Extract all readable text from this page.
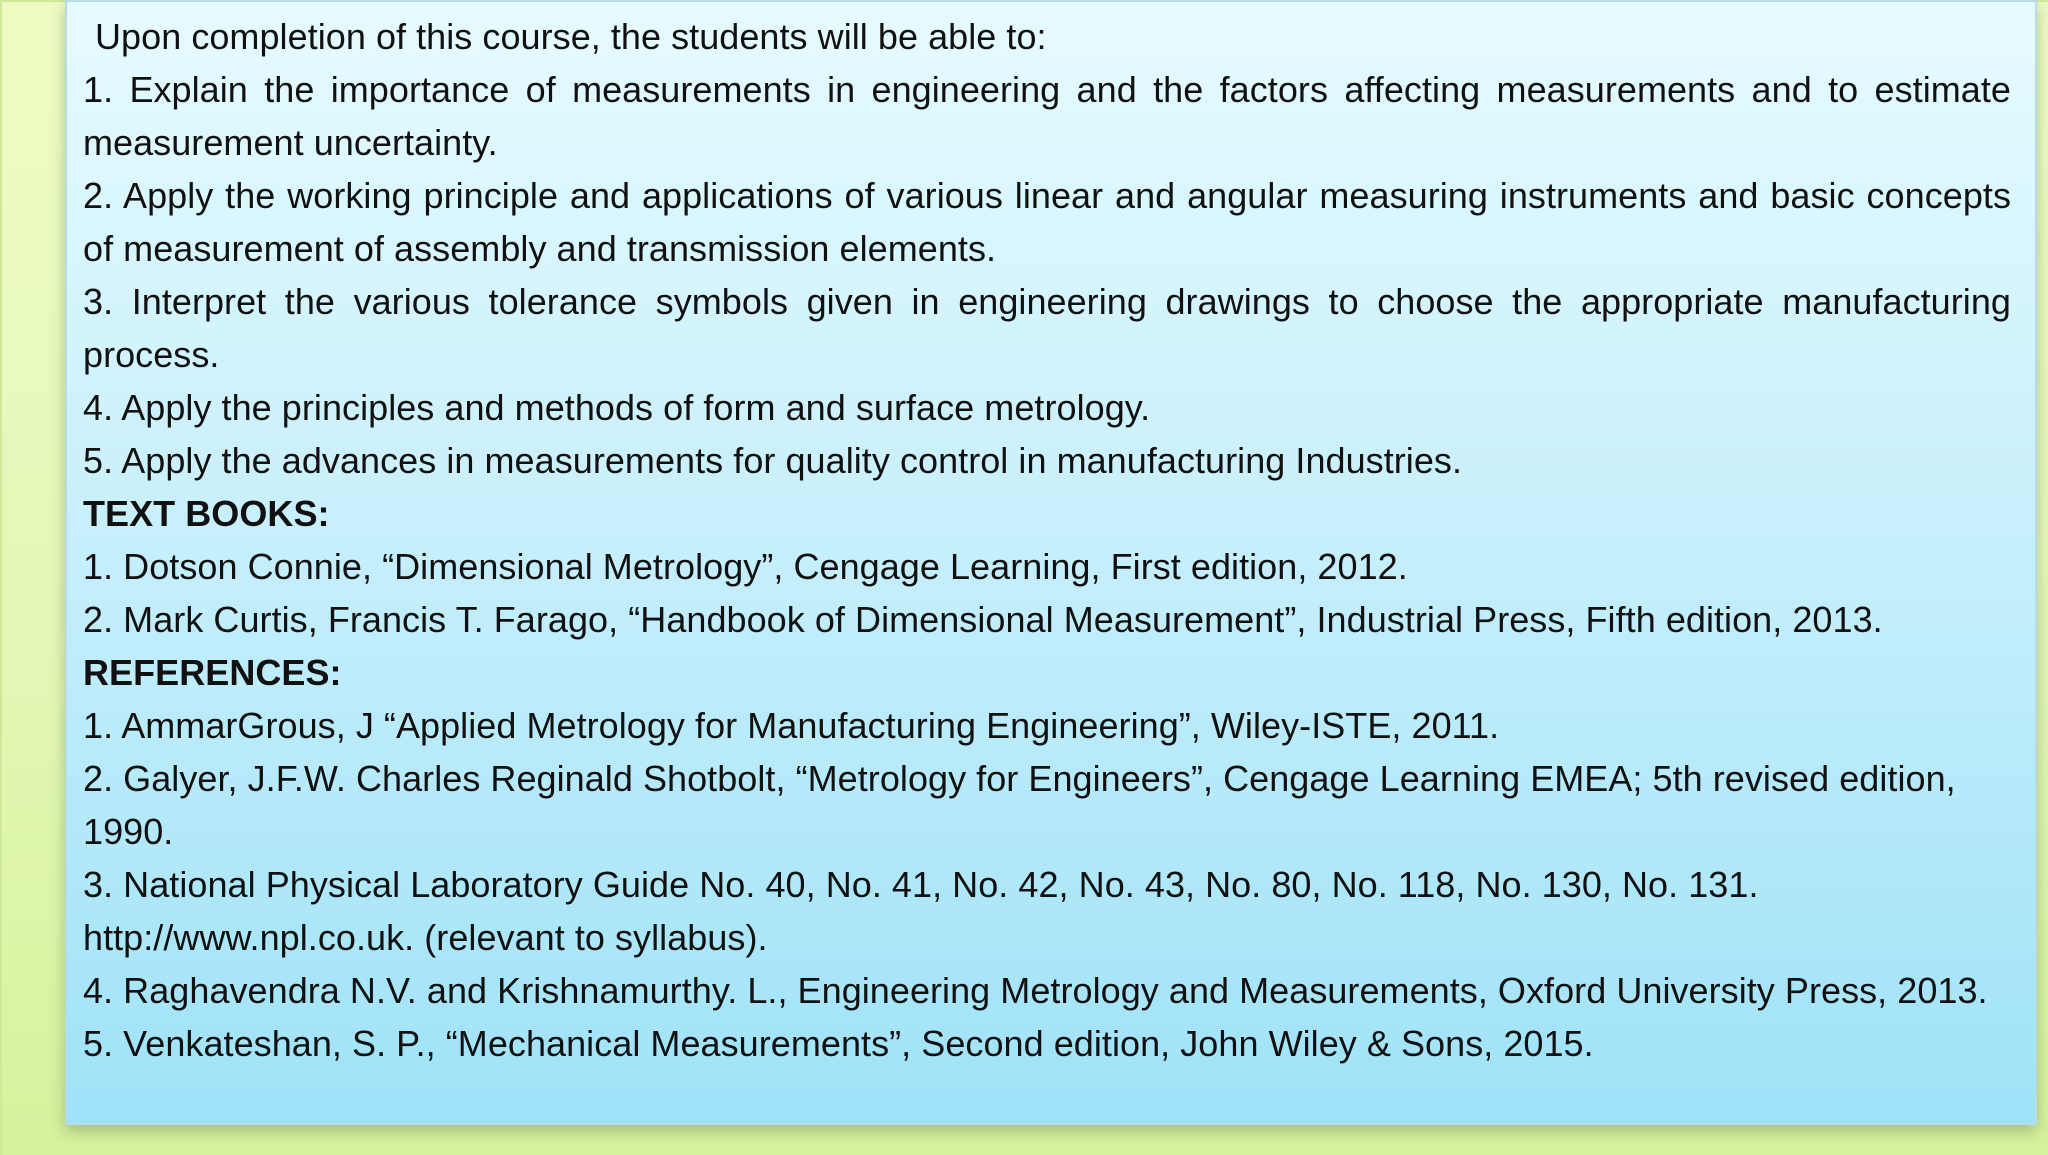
Upon completion of this course, the students will be able to:

1. Explain the importance of measurements in engineering and the factors affecting measurements and to estimate measurement uncertainty.

2. Apply the working principle and applications of various linear and angular measuring instruments and basic concepts of measurement of assembly and transmission elements.

3. Interpret the various tolerance symbols given in engineering drawings to choose the appropriate manufacturing process.

4. Apply the principles and methods of form and surface metrology.

5. Apply the advances in measurements for quality control in manufacturing Industries.

TEXT BOOKS:

1. Dotson Connie, “Dimensional Metrology”, Cengage Learning, First edition, 2012.

2. Mark Curtis, Francis T. Farago, “Handbook of Dimensional Measurement”, Industrial Press, Fifth edition, 2013.

REFERENCES:

1. AmmarGrous, J “Applied Metrology for Manufacturing Engineering”, Wiley-ISTE, 2011.

2. Galyer, J.F.W. Charles Reginald Shotbolt, “Metrology for Engineers”, Cengage Learning EMEA; 5th revised edition, 1990.

3. National Physical Laboratory Guide No. 40, No. 41, No. 42, No. 43, No. 80, No. 118, No. 130, No. 131. http://www.npl.co.uk. (relevant to syllabus).

4. Raghavendra N.V. and Krishnamurthy. L., Engineering Metrology and Measurements, Oxford University Press, 2013.

5. Venkateshan, S. P., “Mechanical Measurements”, Second edition, John Wiley & Sons, 2015.
